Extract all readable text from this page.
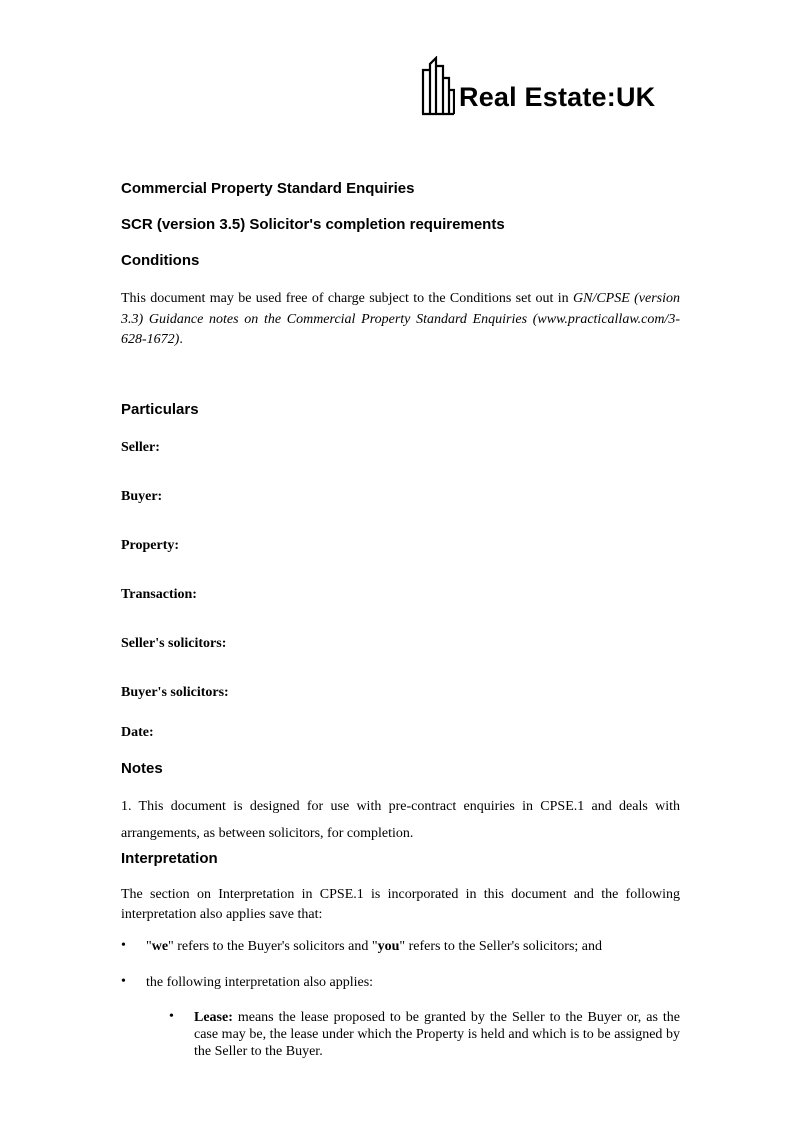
Real Estate:UK
Commercial Property Standard Enquiries
SCR (version 3.5) Solicitor's completion requirements
Conditions

This document may be used free of charge subject to the Conditions set out in GN/CPSE (version 3.3) Guidance notes on the Commercial Property Standard Enquiries (www.practicallaw.com/3-628-1672).

Particulars
Seller:
Buyer:
Property:
Transaction:
Seller's solicitors:
Buyer's solicitors:
Date:
Notes

1. This document is designed for use with pre-contract enquiries in CPSE.1 and deals with arrangements, as between solicitors, for completion.

Interpretation

The section on Interpretation in CPSE.1 is incorporated in this document and the following interpretation also applies save that:

• "we" refers to the Buyer's solicitors and "you" refers to the Seller's solicitors; and
• the following interpretation also applies:
• Lease: means the lease proposed to be granted by the Seller to the Buyer or, as the case may be, the lease under which the Property is held and which is to be assigned by the Seller to the Buyer.
